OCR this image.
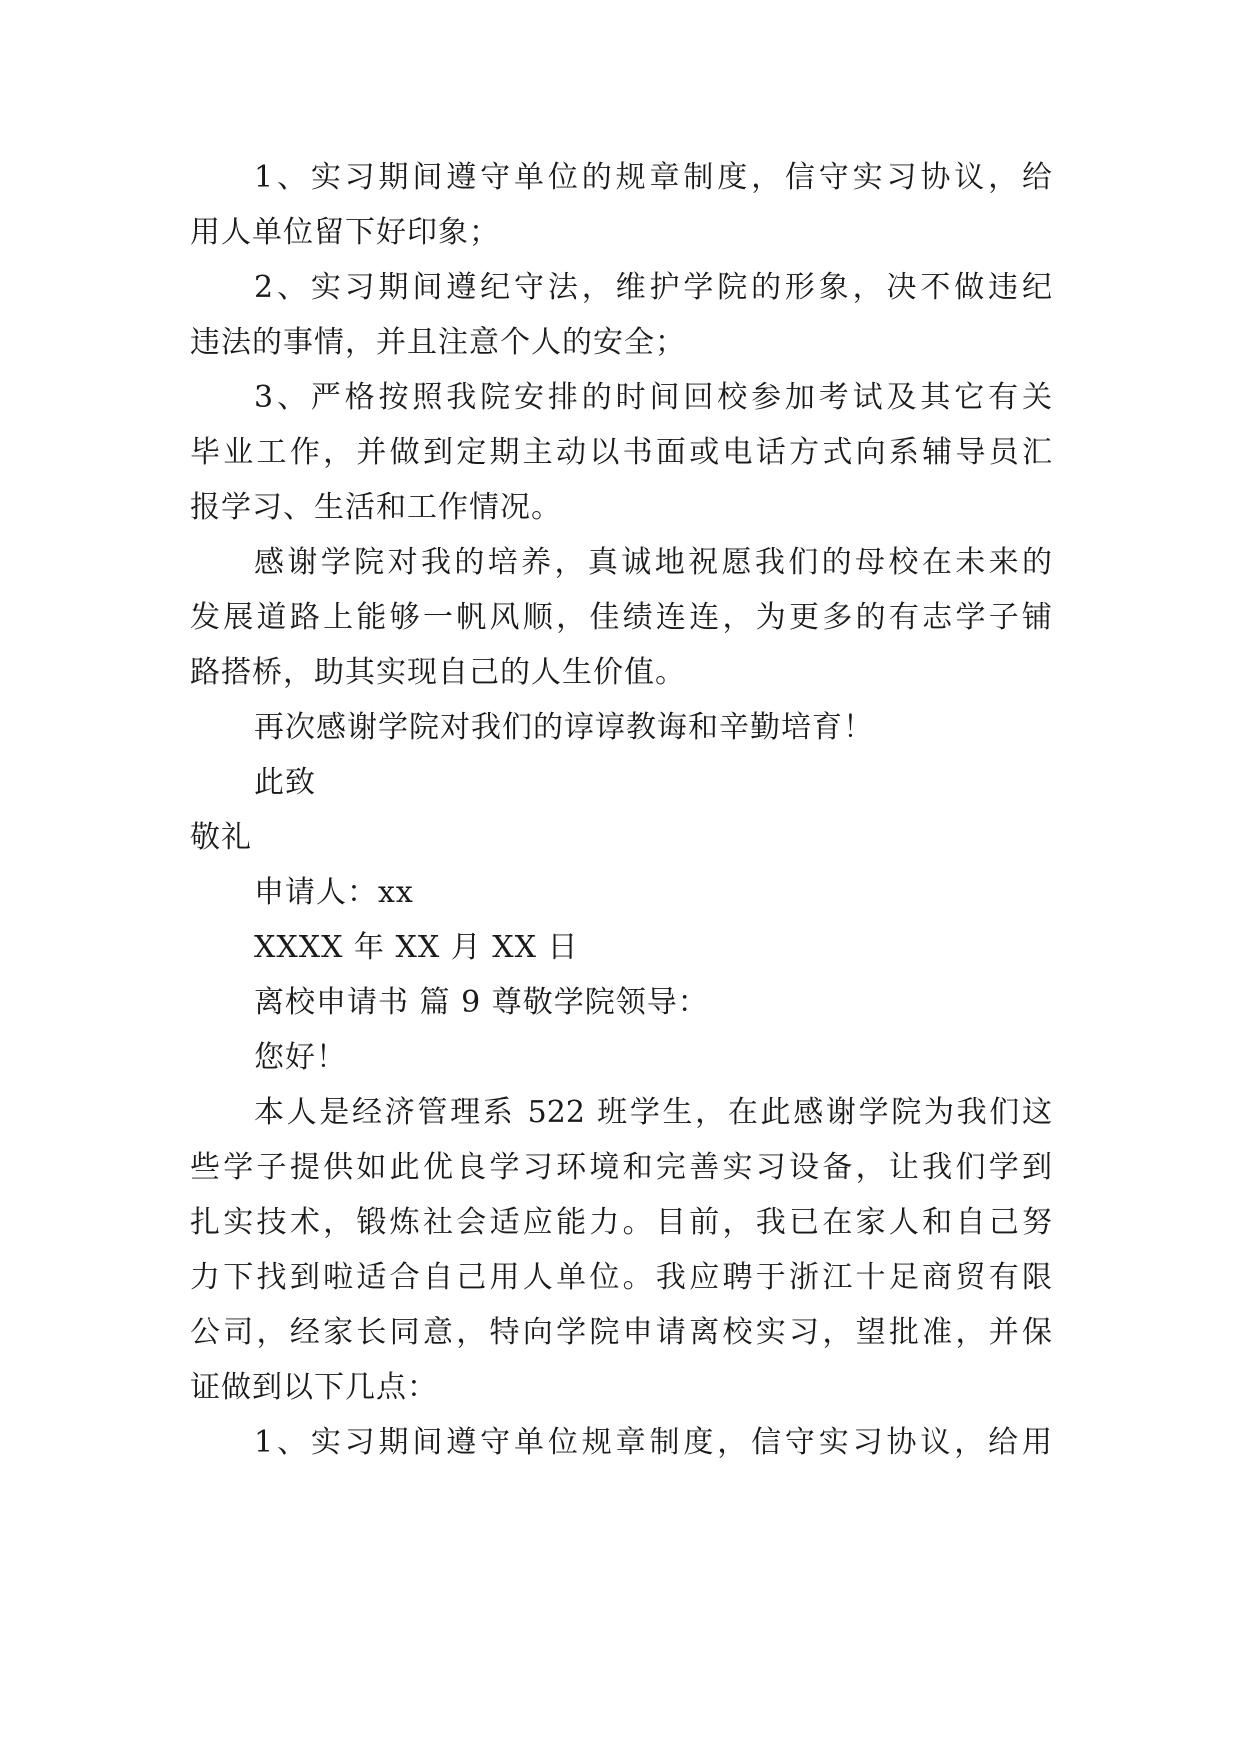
1、实习期间遵守单位的规章制度，信守实习协议，给
用人单位留下好印象；
2、实习期间遵纪守法，维护学院的形象，决不做违纪
违法的事情，并且注意个人的安全；
3、严格按照我院安排的时间回校参加考试及其它有关
毕业工作，并做到定期主动以书面或电话方式向系辅导员汇
报学习、生活和工作情况。
感谢学院对我的培养，真诚地祝愿我们的母校在未来的
发展道路上能够一帆风顺，佳绩连连，为更多的有志学子铺
路搭桥，助其实现自己的人生价值。
再次感谢学院对我们的谆谆教诲和辛勤培育！
此致
敬礼
申请人：xx
XXXX 年 XX 月 XX 日
离校申请书 篇 9 尊敬学院领导：
您好！
本人是经济管理系 522 班学生，在此感谢学院为我们这
些学子提供如此优良学习环境和完善实习设备，让我们学到
扎实技术，锻炼社会适应能力。目前，我已在家人和自己努
力下找到啦适合自己用人单位。我应聘于浙江十足商贸有限
公司，经家长同意，特向学院申请离校实习，望批准，并保
证做到以下几点：
1、实习期间遵守单位规章制度，信守实习协议，给用
